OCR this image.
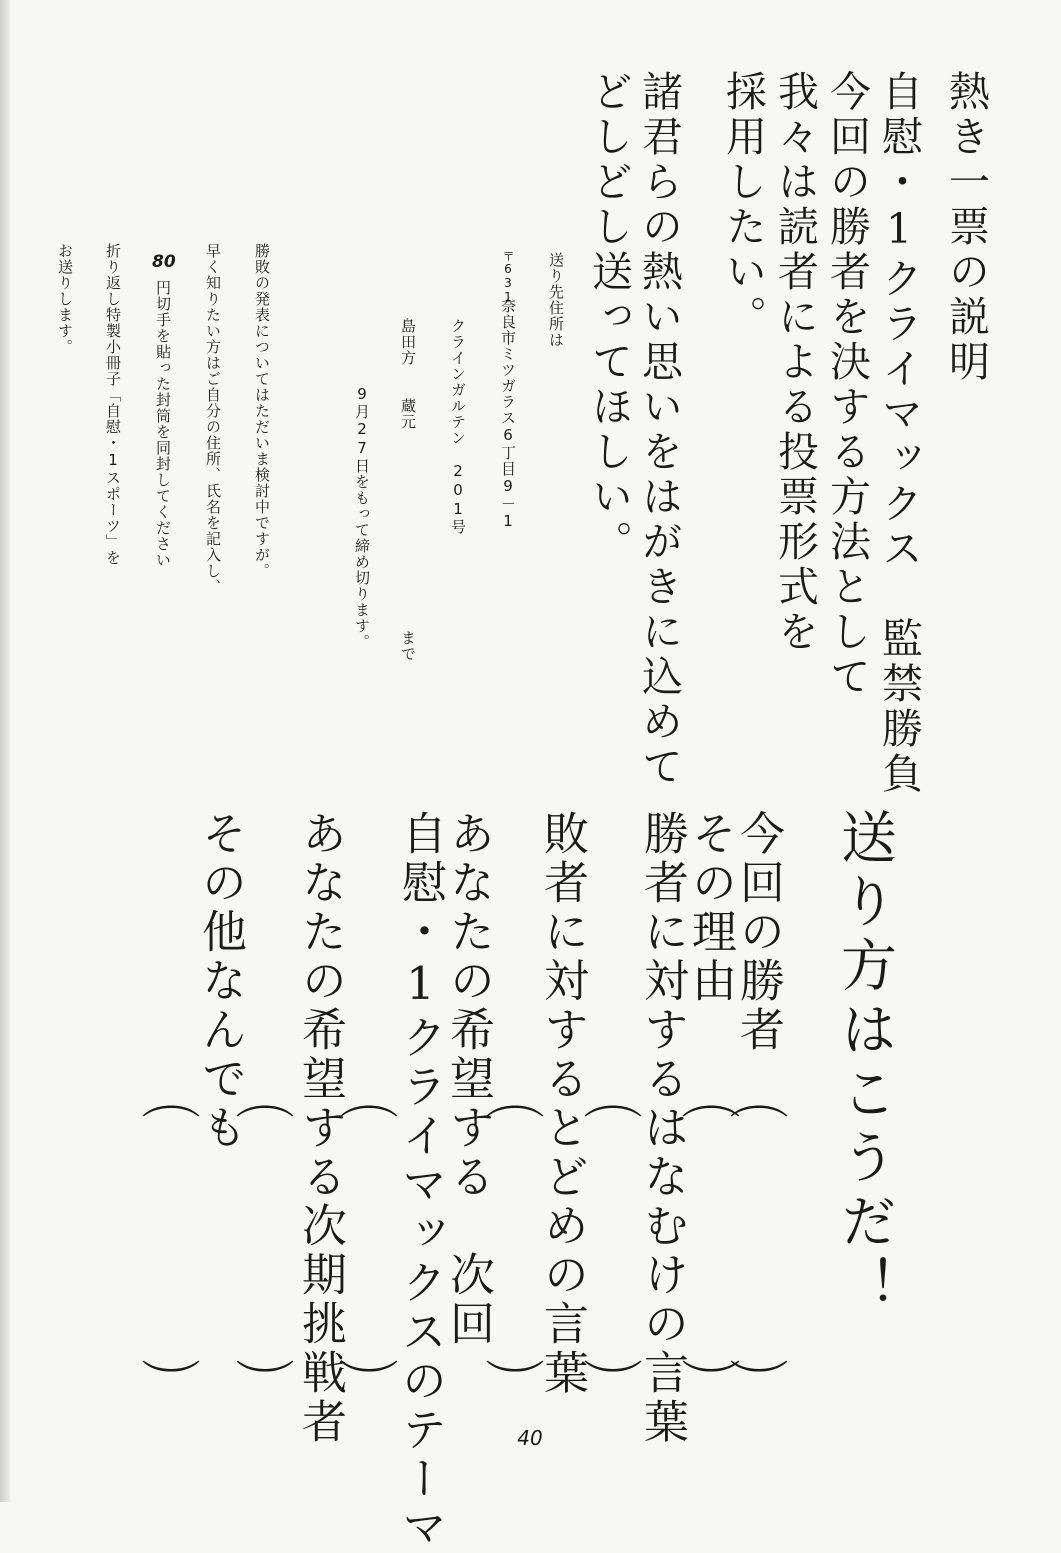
熱き一票の説明

自慰・1クライマックス　監禁勝負

今回の勝者を決する方法として

我々は読者による投票形式を

採用したい。

諸君らの熱い思いをはがきに込めて

どしどし送ってほしい。

送り先住所は

〒631

奈良市ミツガラス6丁目9－1

クラインガルテン　201号

島田方　　蔵元

まで

9月27日をもって締め切ります。

勝敗の発表についてはただいま検討中ですが。

早く知りたい方はご自分の住所、氏名を記入し、

80

円切手を貼った封筒を同封してください

折り返し特製小冊子「自慰・1スポーツ」を

お送りします。

送り方はこうだ！

今回の勝者

その理由

勝者に対するはなむけの言葉

敗者に対するとどめの言葉

あなたの希望する　次回

自慰・1クライマックスのテーマ

あなたの希望する次期挑戦者

その他なんでも	︵
︵
︵
︵
︵
︵
︵
︶
︶
︶
︶
︶
︶
︶
40
